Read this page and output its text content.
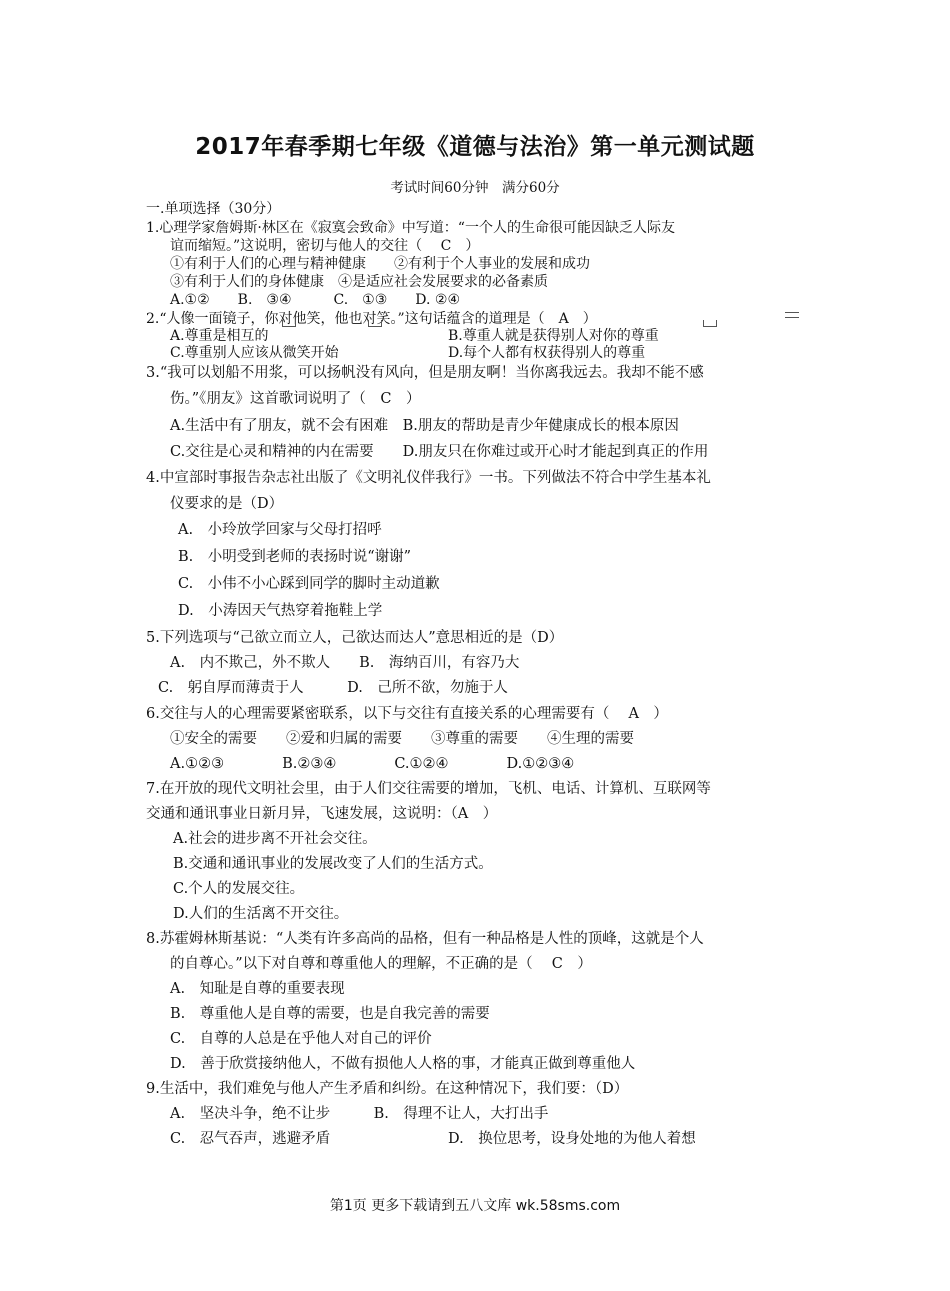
2017年春季期七年级《道德与法治》第一单元测试题
考试时间60分钟　满分60分
一.单项选择（30分）
1.心理学家詹姆斯·林区在《寂寞会致命》中写道：“一个人的生命很可能因缺乏人际友
谊而缩短。”这说明，密切与他人的交往（　 C　）
①有利于人们的心理与精神健康　　②有利于个人事业的发展和成功
③有利于人们的身体健康　④是适应社会发展要求的必备素质
A.①②　　B.　③④　　　C.　①③　　D. ②④
2.“人像一面镜子，你对他笑，他也对笑。”这句话蕴含的道理是（　A　）
A.尊重是相互的	B.尊重人就是获得别人对你的尊重
C.尊重别人应该从微笑开始	D.每个人都有权获得别人的尊重
3.“我可以划船不用浆，可以扬帆没有风向，但是朋友啊！当你离我远去。我却不能不感
伤。”《朋友》这首歌词说明了（　C　）
A.生活中有了朋友，就不会有困难　B.朋友的帮助是青少年健康成长的根本原因
C.交往是心灵和精神的内在需要　　D.朋友只在你难过或开心时才能起到真正的作用
4.中宣部时事报告杂志社出版了《文明礼仪伴我行》一书。下列做法不符合中学生基本礼
仪要求的是（D）
A.　小玲放学回家与父母打招呼
B.　小明受到老师的表扬时说“谢谢”
C.　小伟不小心踩到同学的脚时主动道歉
D.　小涛因天气热穿着拖鞋上学
5.下列选项与“己欲立而立人，己欲达而达人”意思相近的是（D）
A.　内不欺己，外不欺人　　B.　海纳百川，有容乃大
C.　躬自厚而薄责于人　　　D.　己所不欲，勿施于人
6.交往与人的心理需要紧密联系，以下与交往有直接关系的心理需要有（　 A　）
①安全的需要　　②爱和归属的需要　　③尊重的需要　　④生理的需要
A.①②③　　　　B.②③④　　　　C.①②④　　　　D.①②③④
7.在开放的现代文明社会里，由于人们交往需要的增加，飞机、电话、计算机、互联网等
交通和通讯事业日新月异，飞速发展，这说明：（A　）
A.社会的进步离不开社会交往。
B.交通和通讯事业的发展改变了人们的生活方式。
C.个人的发展交往。
D.人们的生活离不开交往。
8.苏霍姆林斯基说：“人类有许多高尚的品格，但有一种品格是人性的顶峰，这就是个人
的自尊心。”以下对自尊和尊重他人的理解，不正确的是（　 C　）
A.　知耻是自尊的重要表现
B.　尊重他人是自尊的需要，也是自我完善的需要
C.　自尊的人总是在乎他人对自己的评价
D.　善于欣赏接纳他人，不做有损他人人格的事，才能真正做到尊重他人
9.生活中，我们难免与他人产生矛盾和纠纷。在这种情况下，我们要：（D）
A.　坚决斗争，绝不让步　　　B.　得理不让人，大打出手
C.　忍气吞声，逃避矛盾	D.　换位思考，设身处地的为他人着想
第1页 更多下载请到五八文库 wk.58sms.com
